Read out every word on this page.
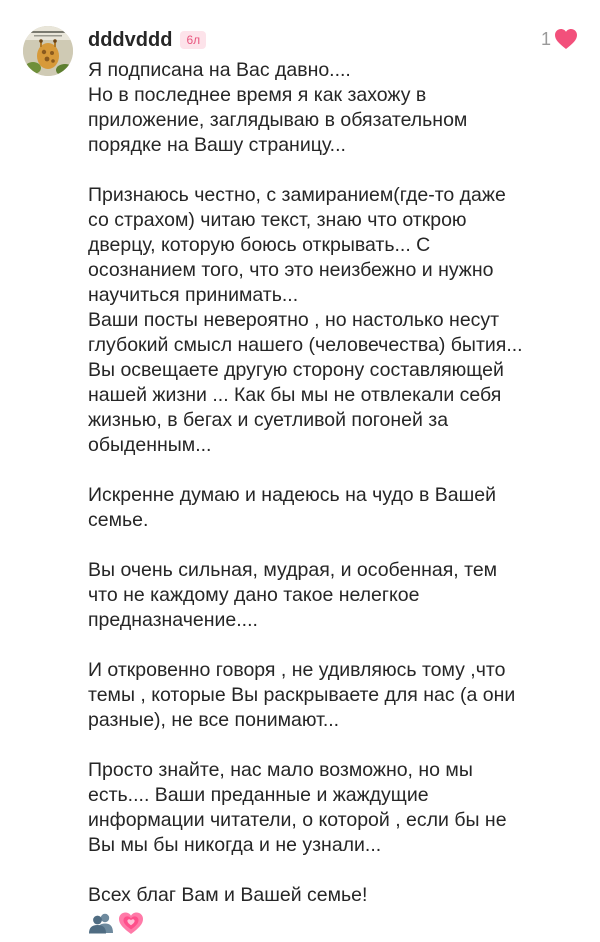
dddvddd	6л	1

Я подписана на Вас давно....
Но в последнее время я как захожу в
приложение, заглядываю в обязательном
порядке на Вашу страницу...

Признаюсь честно, с замиранием(где-то даже
со страхом) читаю текст, знаю что открою
дверцу, которую боюсь открывать... С
осознанием того, что это неизбежно и нужно
научиться принимать...
Ваши посты невероятно , но настолько несут
глубокий смысл нашего (человечества) бытия...
Вы освещаете другую сторону составляющей
нашей жизни ... Как бы мы не отвлекали себя
жизнью, в бегах и суетливой погоней за
обыденным...

Искренне думаю и надеюсь на чудо в Вашей
семье.

Вы очень сильная, мудрая, и особенная, тем
что не каждому дано такое нелегкое
предназначение....

И откровенно говоря , не удивляюсь тому ,что
темы , которые Вы раскрываете для нас (а они
разные), не все понимают...

Просто знайте, нас мало возможно, но мы
есть.... Ваши преданные и жаждущие
информации читатели, о которой , если бы не
Вы мы бы никогда и не узнали...

Всех благ Вам и Вашей семье!
